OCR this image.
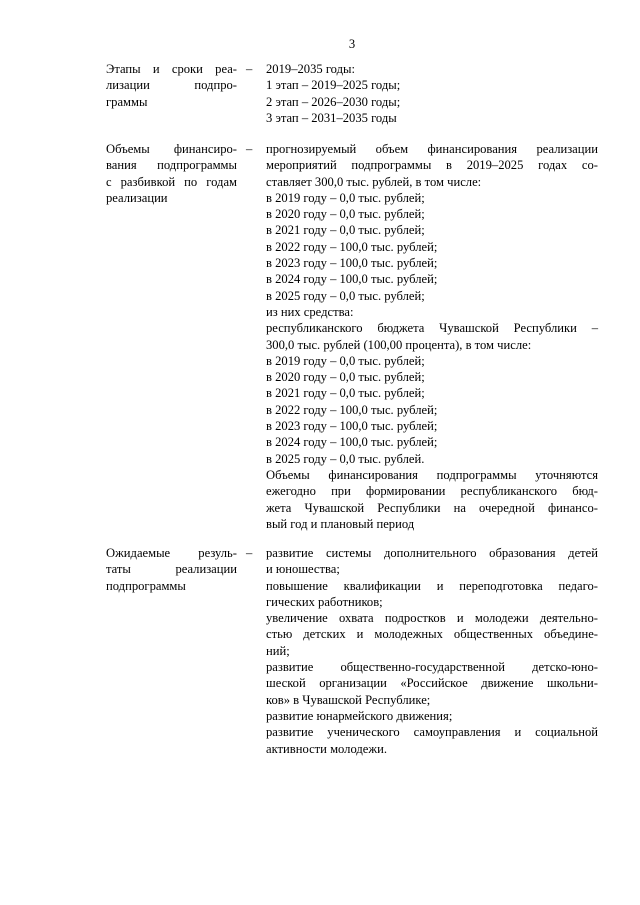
3
Этапы и сроки реа-
лизации подпро-
граммы
–	2019–2035 годы:
1 этап – 2019–2025 годы;
2 этап – 2026–2030 годы;
3 этап – 2031–2035 годы
Объемы финансиро-
вания подпрограммы
с разбивкой по годам
реализации
–	прогнозируемый объем финансирования реализации
мероприятий подпрограммы в 2019–2025 годах со-
ставляет 300,0 тыс. рублей, в том числе:
в 2019 году – 0,0 тыс. рублей;
в 2020 году – 0,0 тыс. рублей;
в 2021 году – 0,0 тыс. рублей;
в 2022 году – 100,0 тыс. рублей;
в 2023 году – 100,0 тыс. рублей;
в 2024 году – 100,0 тыс. рублей;
в 2025 году – 0,0 тыс. рублей;
из них средства:
республиканского бюджета Чувашской Республики –
300,0 тыс. рублей (100,00 процента), в том числе:
в 2019 году – 0,0 тыс. рублей;
в 2020 году – 0,0 тыс. рублей;
в 2021 году – 0,0 тыс. рублей;
в 2022 году – 100,0 тыс. рублей;
в 2023 году – 100,0 тыс. рублей;
в 2024 году – 100,0 тыс. рублей;
в 2025 году – 0,0 тыс. рублей.
Объемы финансирования подпрограммы уточняются
ежегодно при формировании республиканского бюд-
жета Чувашской Республики на очередной финансо-
вый год и плановый период
Ожидаемые резуль-
таты реализации
подпрограммы
–	развитие системы дополнительного образования детей
и юношества;
повышение квалификации и переподготовка педаго-
гических работников;
увеличение охвата подростков и молодежи деятельно-
стью детских и молодежных общественных объедине-
ний;
развитие общественно-государственной детско-юно-
шеской организации «Российское движение школьни-
ков» в Чувашской Республике;
развитие юнармейского движения;
развитие ученического самоуправления и социальной
активности молодежи.
